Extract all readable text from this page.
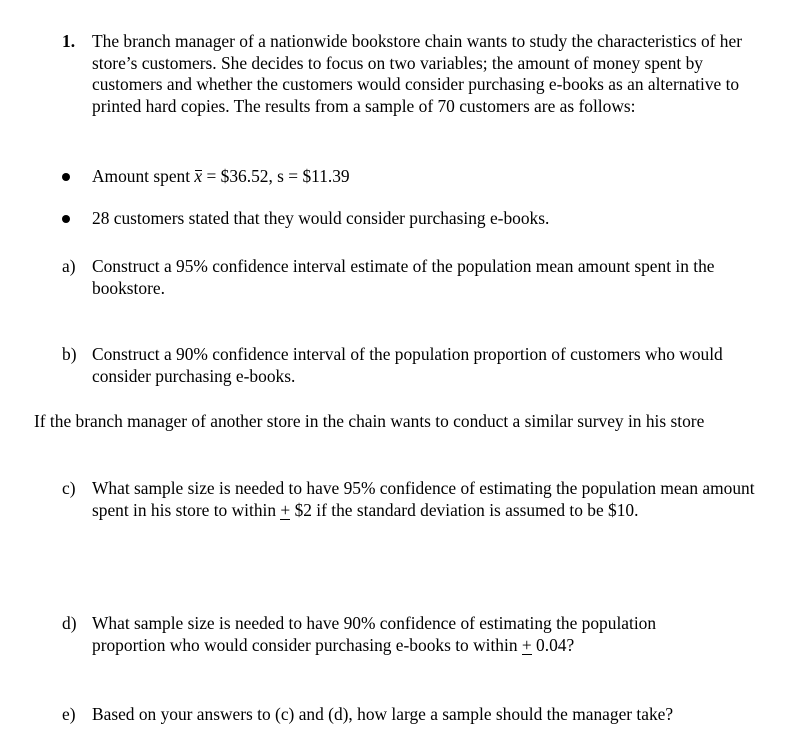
1. The branch manager of a nationwide bookstore chain wants to study the characteristics of her store’s customers. She decides to focus on two variables; the amount of money spent by customers and whether the customers would consider purchasing e-books as an alternative to printed hard copies. The results from a sample of 70 customers are as follows:
Amount spent x = $36.52, s = $11.39
28 customers stated that they would consider purchasing e-books.
a) Construct a 95% confidence interval estimate of the population mean amount spent in the bookstore.
b) Construct a 90% confidence interval of the population proportion of customers who would consider purchasing e-books.
If the branch manager of another store in the chain wants to conduct a similar survey in his store
c) What sample size is needed to have 95% confidence of estimating the population mean amount spent in his store to within + $2 if the standard deviation is assumed to be $10.
d) What sample size is needed to have 90% confidence of estimating the population proportion who would consider purchasing e-books to within + 0.04?
e) Based on your answers to (c) and (d), how large a sample should the manager take?
